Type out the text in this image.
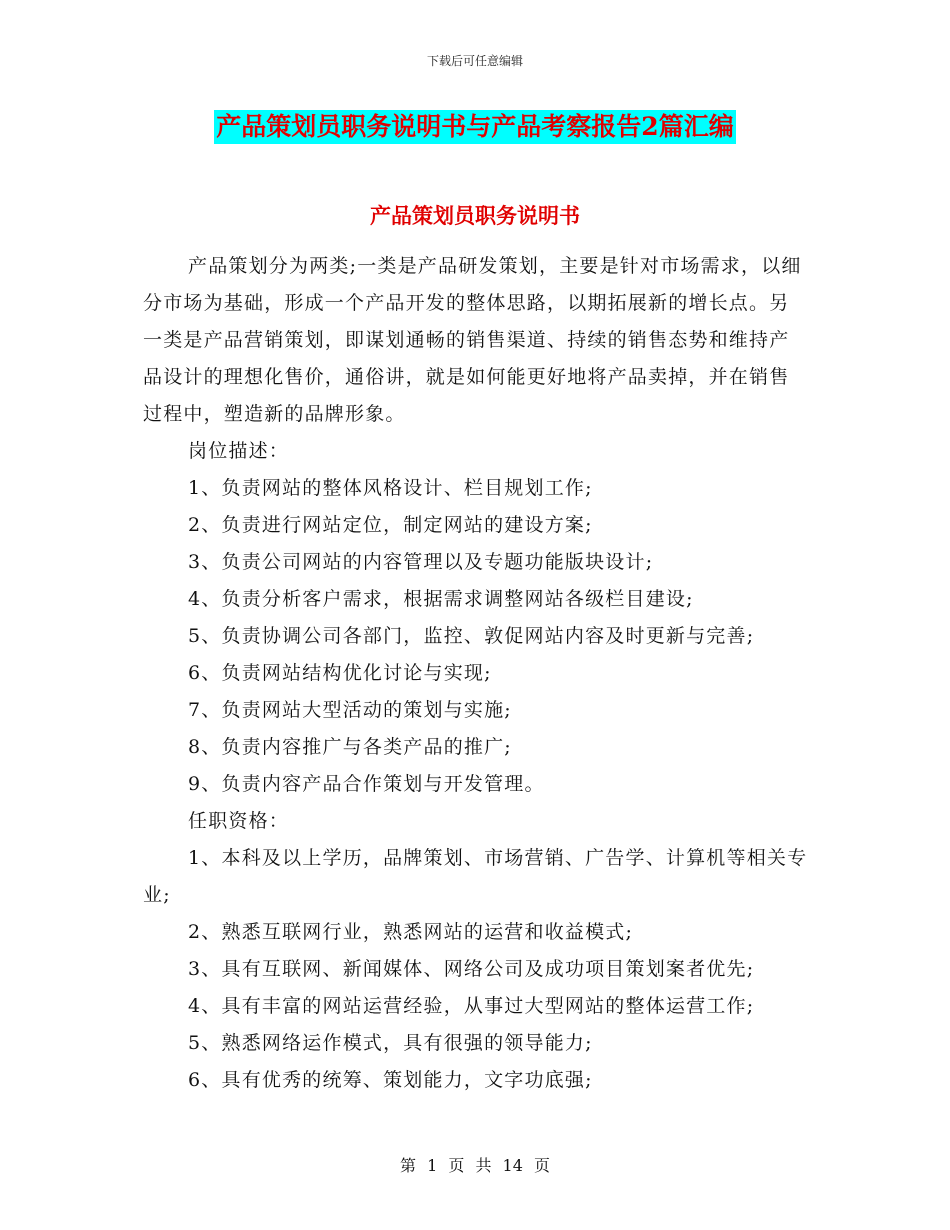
下载后可任意编辑
产品策划员职务说明书与产品考察报告2篇汇编
产品策划员职务说明书

产品策划分为两类;一类是产品研发策划，主要是针对市场需求，以细分市场为基础，形成一个产品开发的整体思路，以期拓展新的增长点。另一类是产品营销策划，即谋划通畅的销售渠道、持续的销售态势和维持产品设计的理想化售价，通俗讲，就是如何能更好地将产品卖掉，并在销售过程中，塑造新的品牌形象。

岗位描述：

1、负责网站的整体风格设计、栏目规划工作;

2、负责进行网站定位，制定网站的建设方案;

3、负责公司网站的内容管理以及专题功能版块设计;

4、负责分析客户需求，根据需求调整网站各级栏目建设;

5、负责协调公司各部门，监控、敦促网站内容及时更新与完善;

6、负责网站结构优化讨论与实现;

7、负责网站大型活动的策划与实施;

8、负责内容推广与各类产品的推广;

9、负责内容产品合作策划与开发管理。

任职资格：

1、本科及以上学历，品牌策划、市场营销、广告学、计算机等相关专业;

2、熟悉互联网行业，熟悉网站的运营和收益模式;

3、具有互联网、新闻媒体、网络公司及成功项目策划案者优先;

4、具有丰富的网站运营经验，从事过大型网站的整体运营工作;

5、熟悉网络运作模式，具有很强的领导能力;

6、具有优秀的统筹、策划能力，文字功底强;

第 1 页 共 14 页
